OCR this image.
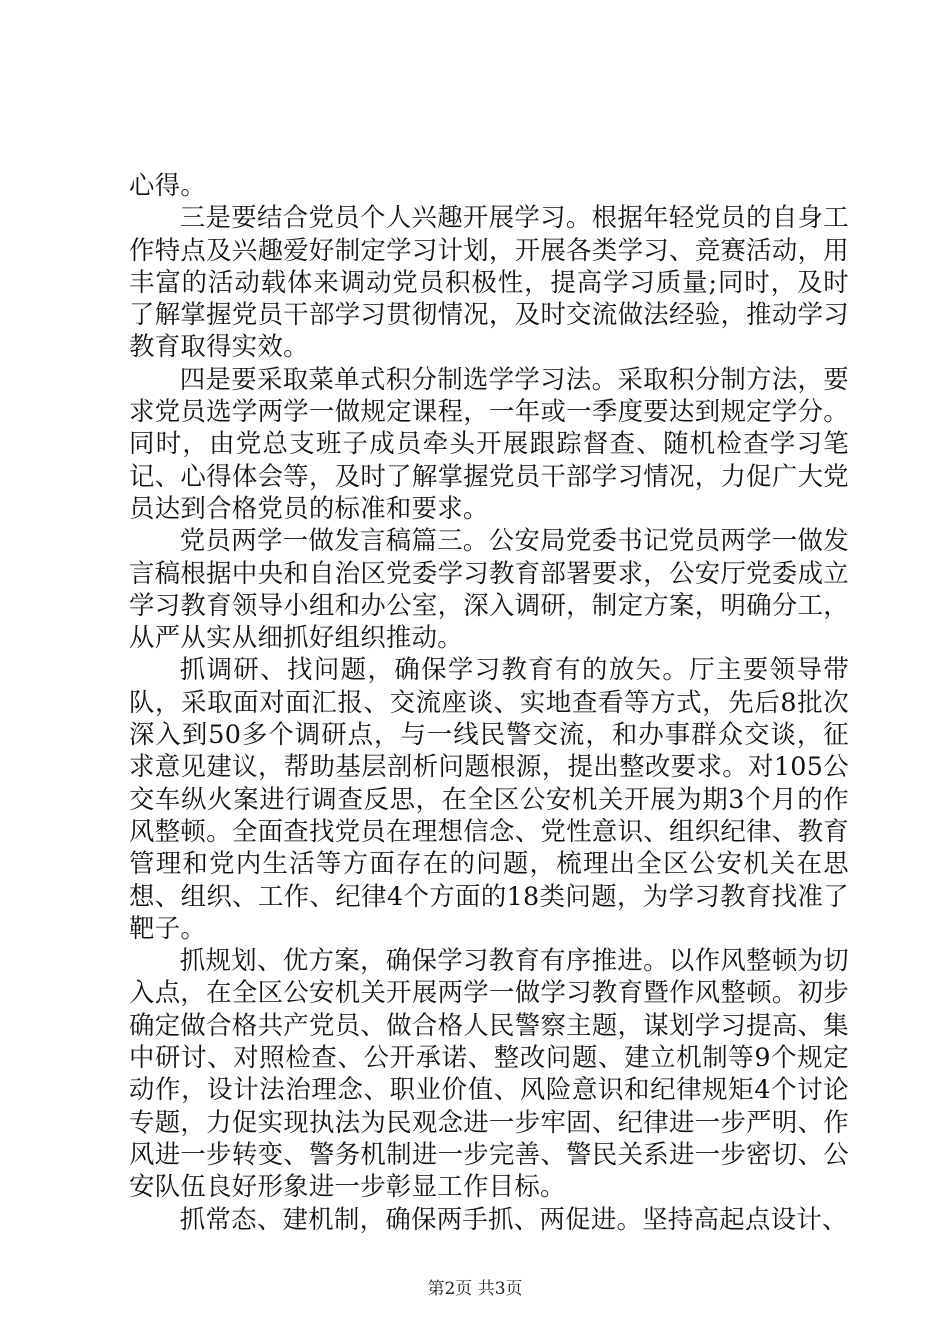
心得。

三是要结合党员个人兴趣开展学习。根据年轻党员的自身工作特点及兴趣爱好制定学习计划，开展各类学习、竞赛活动，用丰富的活动载体来调动党员积极性，提高学习质量;同时，及时了解掌握党员干部学习贯彻情况，及时交流做法经验，推动学习教育取得实效。

四是要采取菜单式积分制选学学习法。采取积分制方法，要求党员选学两学一做规定课程，一年或一季度要达到规定学分。同时，由党总支班子成员牵头开展跟踪督查、随机检查学习笔记、心得体会等，及时了解掌握党员干部学习情况，力促广大党员达到合格党员的标准和要求。

党员两学一做发言稿篇三。公安局党委书记党员两学一做发言稿根据中央和自治区党委学习教育部署要求，公安厅党委成立学习教育领导小组和办公室，深入调研，制定方案，明确分工，从严从实从细抓好组织推动。

抓调研、找问题，确保学习教育有的放矢。厅主要领导带队，采取面对面汇报、交流座谈、实地查看等方式，先后8批次深入到50多个调研点，与一线民警交流，和办事群众交谈，征求意见建议，帮助基层剖析问题根源，提出整改要求。对105公交车纵火案进行调查反思，在全区公安机关开展为期3个月的作风整顿。全面查找党员在理想信念、党性意识、组织纪律、教育管理和党内生活等方面存在的问题，梳理出全区公安机关在思想、组织、工作、纪律4个方面的18类问题，为学习教育找准了靶子。

抓规划、优方案，确保学习教育有序推进。以作风整顿为切入点，在全区公安机关开展两学一做学习教育暨作风整顿。初步确定做合格共产党员、做合格人民警察主题，谋划学习提高、集中研讨、对照检查、公开承诺、整改问题、建立机制等9个规定动作，设计法治理念、职业价值、风险意识和纪律规矩4个讨论专题，力促实现执法为民观念进一步牢固、纪律进一步严明、作风进一步转变、警务机制进一步完善、警民关系进一步密切、公安队伍良好形象进一步彰显工作目标。

抓常态、建机制，确保两手抓、两促进。坚持高起点设计、

第2页 共3页
